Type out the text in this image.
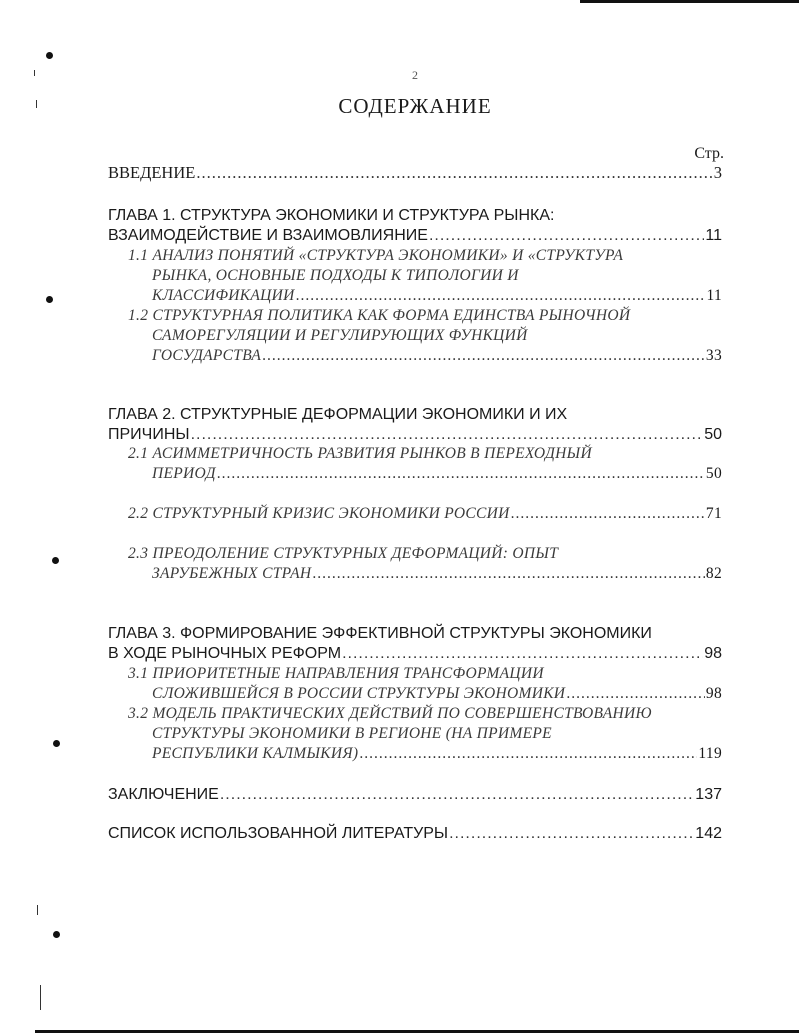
2
СОДЕРЖАНИЕ
Стр.
ВВЕДЕНИЕ .....	3
ГЛАВА 1. СТРУКТУРА ЭКОНОМИКИ И СТРУКТУРА РЫНКА:
ВЗАИМОДЕЙСТВИЕ И ВЗАИМОВЛИЯНИЕ .....	11
1.1 АНАЛИЗ ПОНЯТИЙ «СТРУКТУРА ЭКОНОМИКИ» И «СТРУКТУРА
РЫНКА, ОСНОВНЫЕ ПОДХОДЫ К ТИПОЛОГИИ И
КЛАССИФИКАЦИИ .....	11
1.2 СТРУКТУРНАЯ ПОЛИТИКА КАК ФОРМА ЕДИНСТВА РЫНОЧНОЙ
САМОРЕГУЛЯЦИИ И РЕГУЛИРУЮЩИХ ФУНКЦИЙ
ГОСУДАРСТВА .....	33
ГЛАВА 2. СТРУКТУРНЫЕ ДЕФОРМАЦИИ ЭКОНОМИКИ И ИХ
ПРИЧИНЫ .....	50
2.1 АСИММЕТРИЧНОСТЬ РАЗВИТИЯ РЫНКОВ В ПЕРЕХОДНЫЙ
ПЕРИОД .....	50
2.2 СТРУКТУРНЫЙ КРИЗИС ЭКОНОМИКИ РОССИИ .....	71
2.3 ПРЕОДОЛЕНИЕ СТРУКТУРНЫХ ДЕФОРМАЦИЙ: ОПЫТ
ЗАРУБЕЖНЫХ СТРАН .....	82
ГЛАВА 3. ФОРМИРОВАНИЕ ЭФФЕКТИВНОЙ СТРУКТУРЫ ЭКОНОМИКИ
В ХОДЕ РЫНОЧНЫХ РЕФОРМ .....	98
3.1 ПРИОРИТЕТНЫЕ НАПРАВЛЕНИЯ ТРАНСФОРМАЦИИ
СЛОЖИВШЕЙСЯ В РОССИИ СТРУКТУРЫ ЭКОНОМИКИ .....	98
3.2 МОДЕЛЬ ПРАКТИЧЕСКИХ ДЕЙСТВИЙ ПО СОВЕРШЕНСТВОВАНИЮ
СТРУКТУРЫ ЭКОНОМИКИ В РЕГИОНЕ (НА ПРИМЕРЕ
РЕСПУБЛИКИ КАЛМЫКИЯ) .....	119
ЗАКЛЮЧЕНИЕ .....	137
СПИСОК ИСПОЛЬЗОВАННОЙ ЛИТЕРАТУРЫ .....	142
